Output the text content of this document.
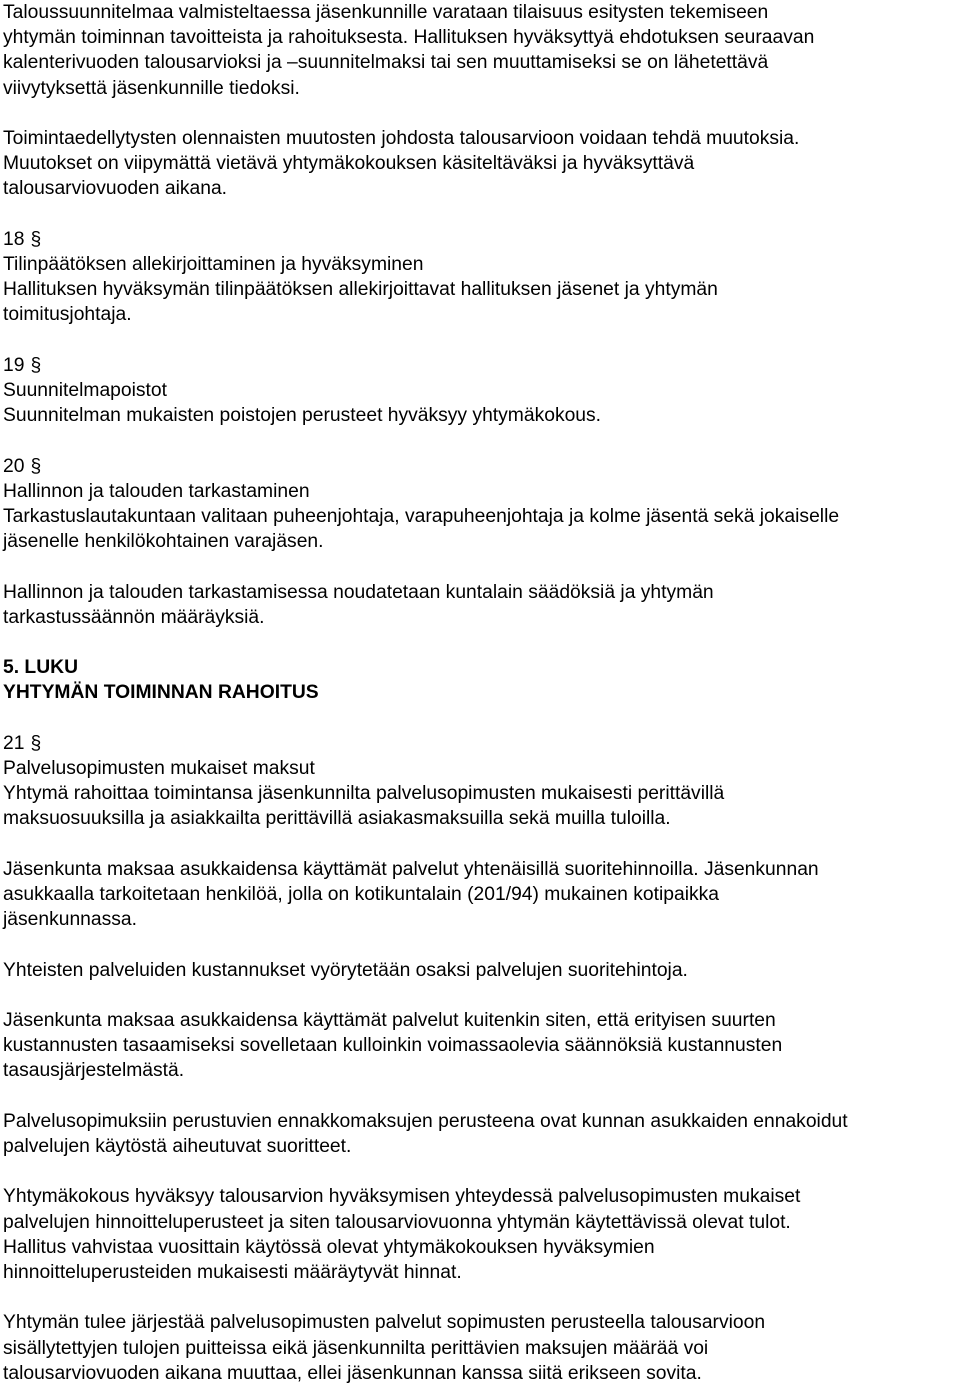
Taloussuunnitelmaa valmisteltaessa jäsenkunnille varataan tilaisuus esitysten tekemiseen
yhtymän toiminnan tavoitteista ja rahoituksesta. Hallituksen hyväksyttyä ehdotuksen seuraavan
kalenterivuoden talousarvioksi ja –suunnitelmaksi tai sen muuttamiseksi se on lähetettävä
viivytyksettä jäsenkunnille tiedoksi.

Toimintaedellytysten olennaisten muutosten johdosta talousarvioon voidaan tehdä muutoksia.
Muutokset on viipymättä vietävä yhtymäkokouksen käsiteltäväksi ja hyväksyttävä
talousarviovuoden aikana.

18 §

Tilinpäätöksen allekirjoittaminen ja hyväksyminen

Hallituksen hyväksymän tilinpäätöksen allekirjoittavat hallituksen jäsenet ja yhtymän
toimitusjohtaja.

19 §

Suunnitelmapoistot

Suunnitelman mukaisten poistojen perusteet hyväksyy yhtymäkokous.

20 §

Hallinnon ja talouden tarkastaminen

Tarkastuslautakuntaan valitaan puheenjohtaja, varapuheenjohtaja ja kolme jäsentä sekä jokaiselle
jäsenelle henkilökohtainen varajäsen.

Hallinnon ja talouden tarkastamisessa noudatetaan kuntalain säädöksiä ja yhtymän
tarkastussäännön määräyksiä.

5. LUKU

YHTYMÄN TOIMINNAN RAHOITUS

21 §

Palvelusopimusten mukaiset maksut

Yhtymä rahoittaa toimintansa jäsenkunnilta palvelusopimusten mukaisesti perittävillä
maksuosuuksilla ja asiakkailta perittävillä asiakasmaksuilla sekä muilla tuloilla.

Jäsenkunta maksaa asukkaidensa käyttämät palvelut yhtenäisillä suoritehinnoilla. Jäsenkunnan
asukkaalla tarkoitetaan henkilöä, jolla on kotikuntalain (201/94) mukainen kotipaikka
jäsenkunnassa.

Yhteisten palveluiden kustannukset vyörytetään osaksi palvelujen suoritehintoja.

Jäsenkunta maksaa asukkaidensa käyttämät palvelut kuitenkin siten, että erityisen suurten
kustannusten tasaamiseksi sovelletaan kulloinkin voimassaolevia säännöksiä kustannusten
tasausjärjestelmästä.

Palvelusopimuksiin perustuvien ennakkomaksujen perusteena ovat kunnan asukkaiden ennakoidut
palvelujen käytöstä aiheutuvat suoritteet.

Yhtymäkokous hyväksyy talousarvion hyväksymisen yhteydessä palvelusopimusten mukaiset
palvelujen hinnoitteluperusteet ja siten talousarviovuonna yhtymän käytettävissä olevat tulot.
Hallitus vahvistaa vuosittain käytössä olevat yhtymäkokouksen hyväksymien
hinnoitteluperusteiden mukaisesti määräytyvät hinnat.

Yhtymän tulee järjestää palvelusopimusten palvelut sopimusten perusteella talousarvioon
sisällytettyjen tulojen puitteissa eikä jäsenkunnilta perittävien maksujen määrää voi
talousarviovuoden aikana muuttaa, ellei jäsenkunnan kanssa siitä erikseen sovita.
